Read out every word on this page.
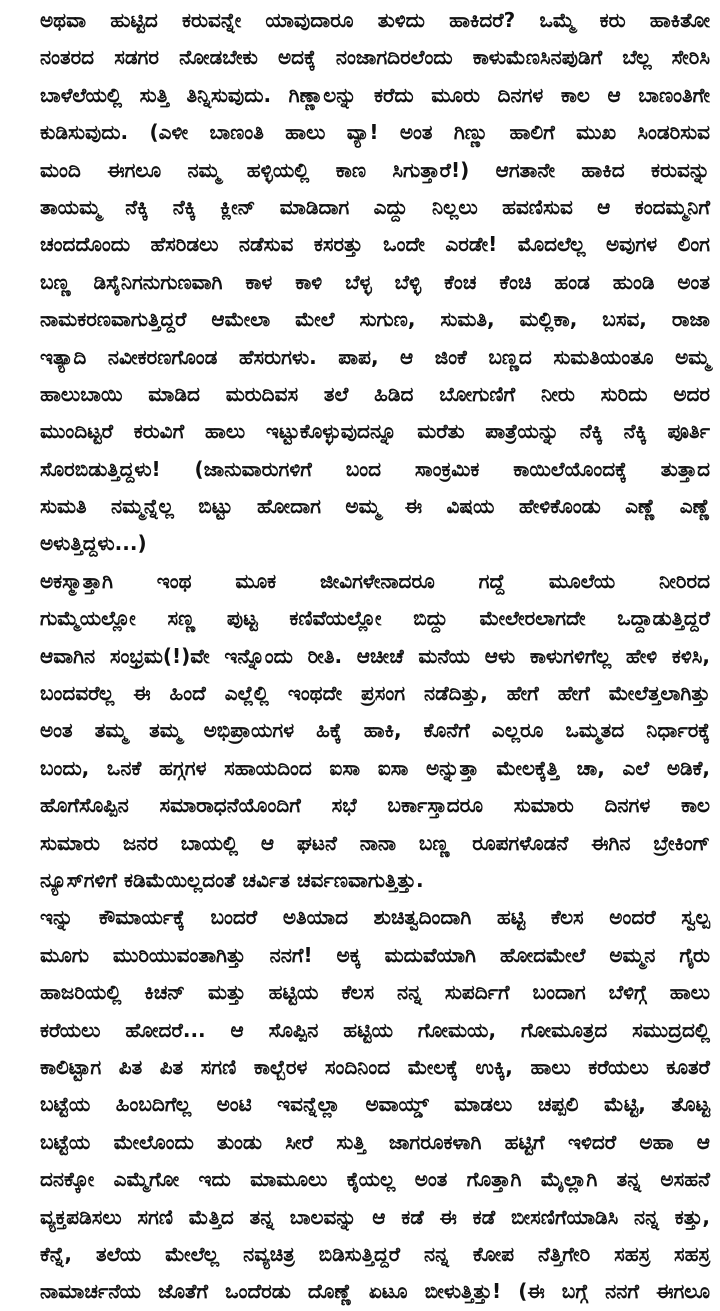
ಅಥವಾ ಹುಟ್ಟಿದ ಕರುವನ್ನೇ ಯಾವುದಾರೂ ತುಳಿದು ಹಾಕಿದರೆ? ಒಮ್ಮೆ ಕರು ಹಾಕಿತೋ
ನಂತರದ ಸಡಗರ ನೋಡಬೇಕು ಅದಕ್ಕೆ ನಂಜಾಗದಿರಲೆಂದು ಕಾಳುಮೆಣಸಿನಪುಡಿಗೆ ಬೆಲ್ಲ ಸೇರಿಸಿ
ಬಾಳೆಲೆಯಲ್ಲಿ ಸುತ್ತಿ ತಿನ್ನಿಸುವುದು. ಗಿಣ್ಣಾಲನ್ನು ಕರೆದು ಮೂರು ದಿನಗಳ ಕಾಲ ಆ ಬಾಣಂತಿಗೇ
ಕುಡಿಸುವುದು. (ಎಳೀ ಬಾಣಂತಿ ಹಾಲು ವ್ಯಾ! ಅಂತ ಗಿಣ್ಣು ಹಾಲಿಗೆ ಮುಖ ಸಿಂಡರಿಸುವ
ಮಂದಿ ಈಗಲೂ ನಮ್ಮ ಹಳ್ಳಿಯಲ್ಲಿ ಕಾಣ ಸಿಗುತ್ತಾರೆ!) ಆಗತಾನೇ ಹಾಕಿದ ಕರುವನ್ನು
ತಾಯಮ್ಮ ನೆಕ್ಕಿ ನೆಕ್ಕಿ ಕ್ಲೀನ್ ಮಾಡಿದಾಗ ಎದ್ದು ನಿಲ್ಲಲು ಹವಣಿಸುವ ಆ ಕಂದಮ್ಮನಿಗೆ
ಚಂದದೊಂದು ಹೆಸರಿಡಲು ನಡೆಸುವ ಕಸರತ್ತು ಒಂದೇ ಎರಡೇ! ಮೊದಲೆಲ್ಲ ಅವುಗಳ ಲಿಂಗ
ಬಣ್ಣ ಡಿಸೈನಿಗನುಗುಣವಾಗಿ ಕಾಳ ಕಾಳಿ ಬೆಳ್ಳ ಬೆಳ್ಳಿ ಕೆಂಚ ಕೆಂಚಿ ಹಂಡ ಹುಂಡಿ ಅಂತ
ನಾಮಕರಣವಾಗುತ್ತಿದ್ದರೆ ಆಮೇಲಾ ಮೇಲೆ ಸುಗುಣ, ಸುಮತಿ, ಮಲ್ಲಿಕಾ, ಬಸವ, ರಾಜಾ
ಇತ್ಯಾದಿ ನವೀಕರಣಗೊಂಡ ಹೆಸರುಗಳು. ಪಾಪ, ಆ ಜಿಂಕೆ ಬಣ್ಣದ ಸುಮತಿಯಂತೂ ಅಮ್ಮ
ಹಾಲುಬಾಯಿ ಮಾಡಿದ ಮರುದಿವಸ ತಲೆ ಹಿಡಿದ ಬೋಗುಣಿಗೆ ನೀರು ಸುರಿದು ಅದರ
ಮುಂದಿಟ್ಟರೆ ಕರುವಿಗೆ ಹಾಲು ಇಟ್ಟುಕೊಳ್ಳುವುದನ್ನೂ ಮರೆತು ಪಾತ್ರೆಯನ್ನು ನೆಕ್ಕಿ ನೆಕ್ಕಿ ಪೂರ್ತಿ
ಸೊರಬಿಡುತ್ತಿದ್ದಳು! (ಜಾನುವಾರುಗಳಿಗೆ ಬಂದ ಸಾಂಕ್ರಮಿಕ ಕಾಯಿಲೆಯೊಂದಕ್ಕೆ ತುತ್ತಾದ
ಸುಮತಿ ನಮ್ಮನ್ನೆಲ್ಲ ಬಿಟ್ಟು ಹೋದಾಗ ಅಮ್ಮ ಈ ವಿಷಯ ಹೇಳಿಕೊಂಡು ಎಣ್ಣೆ ಎಣ್ಣೆ
ಅಳುತ್ತಿದ್ದಳು...)
ಅಕಸ್ಮಾತ್ತಾಗಿ ಇಂಥ ಮೂಕ ಜೀವಿಗಳೇನಾದರೂ ಗದ್ದೆ ಮೂಲೆಯ ನೀರಿರದ
ಗುಮ್ಮೆಯಲ್ಲೋ ಸಣ್ಣ ಪುಟ್ಟ ಕಣಿವೆಯಲ್ಲೋ ಬಿದ್ದು ಮೇಲೇರಲಾಗದೇ ಒದ್ದಾಡುತ್ತಿದ್ದರೆ
ಆವಾಗಿನ ಸಂಭ್ರಮ(!)ವೇ ಇನ್ನೊಂದು ರೀತಿ. ಆಚೀಚೆ ಮನೆಯ ಆಳು ಕಾಳುಗಳಿಗೆಲ್ಲ ಹೇಳಿ ಕಳಿಸಿ,
ಬಂದವರೆಲ್ಲ ಈ ಹಿಂದೆ ಎಲ್ಲೆಲ್ಲಿ ಇಂಥದೇ ಪ್ರಸಂಗ ನಡೆದಿತ್ತು, ಹೇಗೆ ಹೇಗೆ ಮೇಲೆತ್ತಲಾಗಿತ್ತು
ಅಂತ ತಮ್ಮ ತಮ್ಮ ಅಭಿಪ್ರಾಯಗಳ ಹಿಕ್ಕೆ ಹಾಕಿ, ಕೊನೆಗೆ ಎಲ್ಲರೂ ಒಮ್ಮತದ ನಿರ್ಧಾರಕ್ಕೆ
ಬಂದು, ಒನಕೆ ಹಗ್ಗಗಳ ಸಹಾಯದಿಂದ ಐಸಾ ಐಸಾ ಅನ್ನುತ್ತಾ ಮೇಲಕ್ಕೆತ್ತಿ ಚಾ, ಎಲೆ ಅಡಿಕೆ,
ಹೊಗೆಸೊಪ್ಪಿನ ಸಮಾರಾಧನೆಯೊಂದಿಗೆ ಸಭೆ ಬರ್ಕಾಸ್ತಾದರೂ ಸುಮಾರು ದಿನಗಳ ಕಾಲ
ಸುಮಾರು ಜನರ ಬಾಯಲ್ಲಿ ಆ ಘಟನೆ ನಾನಾ ಬಣ್ಣ ರೂಪಗಳೊಡನೆ ಈಗಿನ ಬ್ರೇಕಿಂಗ್
ನ್ಯೂಸ್‌ಗಳಿಗೆ ಕಡಿಮೆಯಿಲ್ಲದಂತೆ ಚರ್ವಿತ ಚರ್ವಣವಾಗುತ್ತಿತ್ತು.
ಇನ್ನು ಕೌಮಾರ್ಯಕ್ಕೆ ಬಂದರೆ ಅತಿಯಾದ ಶುಚಿತ್ವದಿಂದಾಗಿ ಹಟ್ಟಿ ಕೆಲಸ ಅಂದರೆ ಸ್ವಲ್ಪ
ಮೂಗು ಮುರಿಯುವಂತಾಗಿತ್ತು ನನಗೆ! ಅಕ್ಕ ಮದುವೆಯಾಗಿ ಹೋದಮೇಲೆ ಅಮ್ಮನ ಗೈರು
ಹಾಜರಿಯಲ್ಲಿ ಕಿಚನ್ ಮತ್ತು ಹಟ್ಟಿಯ ಕೆಲಸ ನನ್ನ ಸುಪರ್ದಿಗೆ ಬಂದಾಗ ಬೆಳಿಗ್ಗೆ ಹಾಲು
ಕರೆಯಲು ಹೋದರೆ... ಆ ಸೊಪ್ಪಿನ ಹಟ್ಟಿಯ ಗೋಮಯ, ಗೋಮೂತ್ರದ ಸಮುದ್ರದಲ್ಲಿ
ಕಾಲಿಟ್ಟಾಗ ಪಿತ ಪಿತ ಸಗಣಿ ಕಾಲ್ಬೆರಳ ಸಂದಿನಿಂದ ಮೇಲಕ್ಕೆ ಉಕ್ಕಿ, ಹಾಲು ಕರೆಯಲು ಕೂತರೆ
ಬಟ್ಟೆಯ ಹಿಂಬದಿಗೆಲ್ಲ ಅಂಟಿ ಇವನ್ನೆಲ್ಲಾ ಅವಾಯ್ಡ್ ಮಾಡಲು ಚಪ್ಪಲಿ ಮೆಟ್ಟಿ, ತೊಟ್ಟ
ಬಟ್ಟೆಯ ಮೇಲೊಂದು ತುಂಡು ಸೀರೆ ಸುತ್ತಿ ಜಾಗರೂಕಳಾಗಿ ಹಟ್ಟಿಗೆ ಇಳಿದರೆ ಅಹಾ ಆ
ದನಕ್ಕೋ ಎಮ್ಮೆಗೋ ಇದು ಮಾಮೂಲು ಕೈಯಲ್ಲ ಅಂತ ಗೊತ್ತಾಗಿ ಮೈಲ್ಲಾಗಿ ತನ್ನ ಅಸಹನೆ
ವ್ಯಕ್ತಪಡಿಸಲು ಸಗಣಿ ಮೆತ್ತಿದ ತನ್ನ ಬಾಲವನ್ನು ಆ ಕಡೆ ಈ ಕಡೆ ಬೀಸಣಿಗೆಯಾಡಿಸಿ ನನ್ನ ಕತ್ತು,
ಕೆನ್ನೆ, ತಲೆಯ ಮೇಲೆಲ್ಲ ನವ್ಯಚಿತ್ರ ಬಿಡಿಸುತ್ತಿದ್ದರೆ ನನ್ನ ಕೋಪ ನೆತ್ತಿಗೇರಿ ಸಹಸ್ರ ಸಹಸ್ರ
ನಾಮಾರ್ಚನೆಯ ಜೊತೆಗೆ ಒಂದೆರಡು ದೊಣ್ಣೆ ಏಟೂ ಬೀಳುತ್ತಿತ್ತು! (ಈ ಬಗ್ಗೆ ನನಗೆ ಈಗಲೂ
